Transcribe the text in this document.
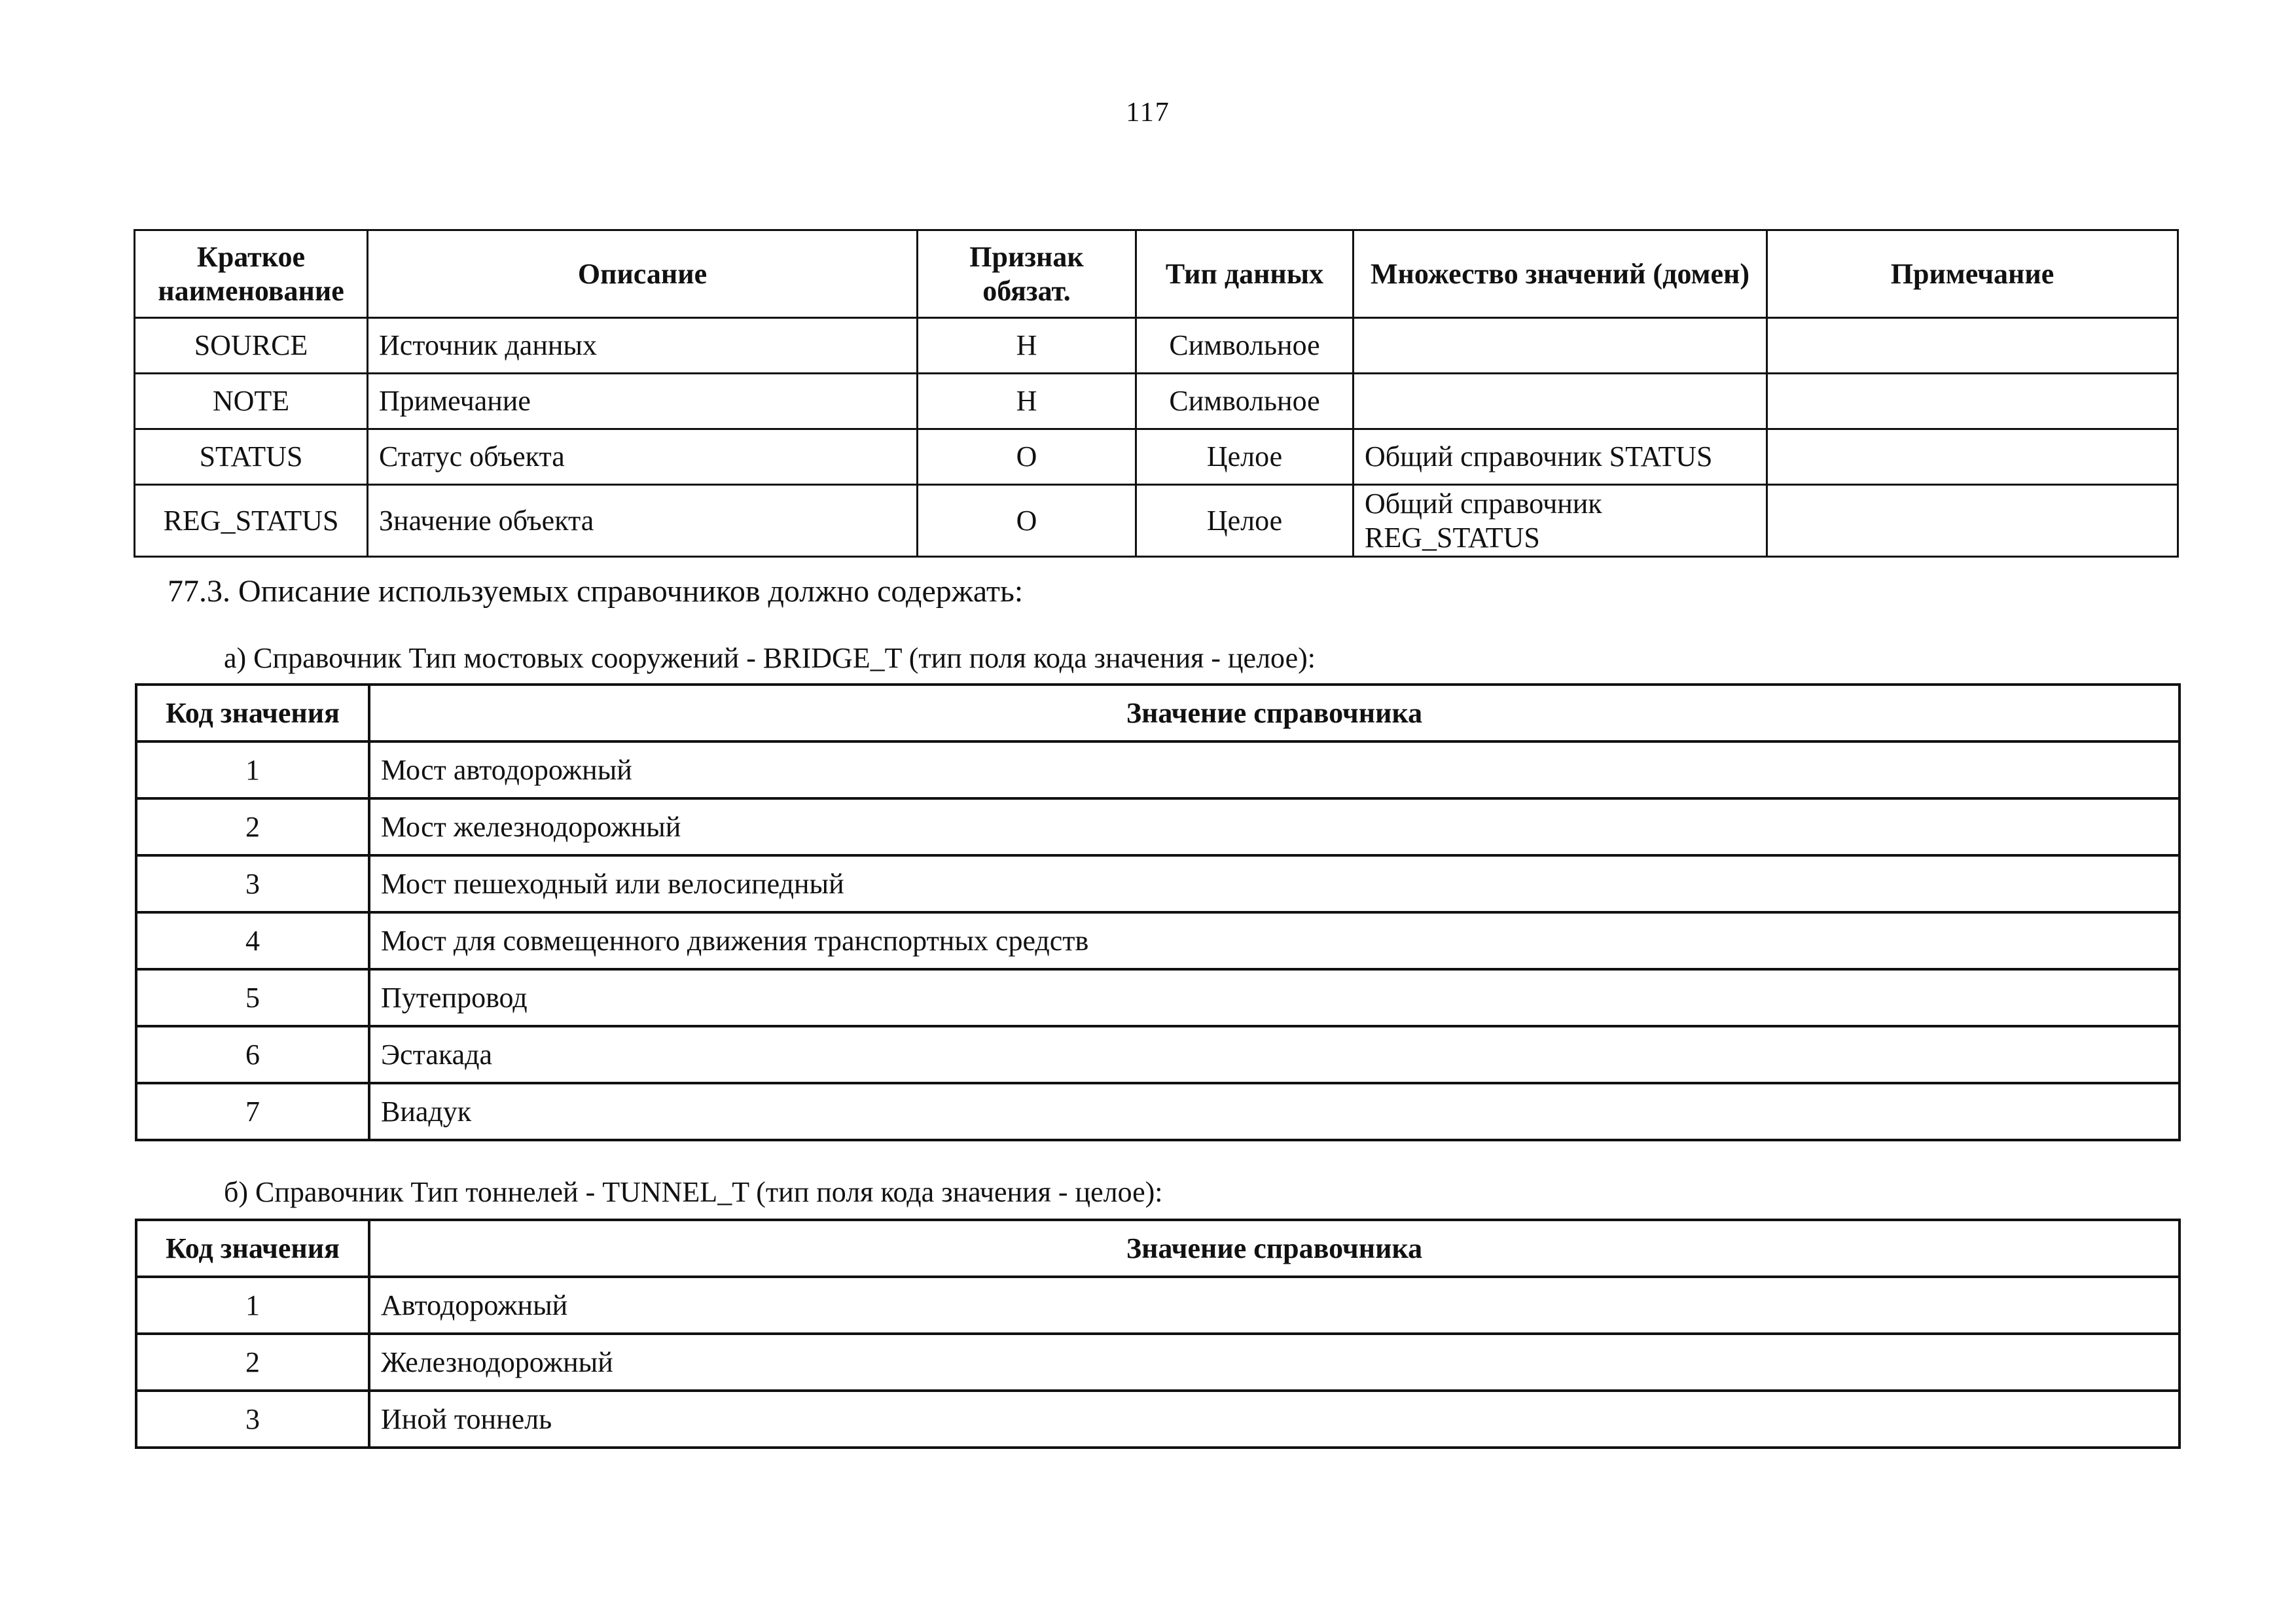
117
Краткое наименование	Описание	Признак обязат.	Тип данных	Множество значений (домен)	Примечание
SOURCE	Источник данных	Н	Символьное		
NOTE	Примечание	Н	Символьное		
STATUS	Статус объекта	О	Целое	Общий справочник STATUS	
REG_STATUS	Значение объекта	О	Целое	Общий справочник REG_STATUS	
77.3. Описание используемых справочников должно содержать:
а) Справочник Тип мостовых сооружений - BRIDGE_T (тип поля кода значения - целое):
Код значения	Значение справочника
1	Мост автодорожный
2	Мост железнодорожный
3	Мост пешеходный или велосипедный
4	Мост для совмещенного движения транспортных средств
5	Путепровод
6	Эстакада
7	Виадук
б) Справочник Тип тоннелей - TUNNEL_T (тип поля кода значения - целое):
Код значения	Значение справочника
1	Автодорожный
2	Железнодорожный
3	Иной тоннель
